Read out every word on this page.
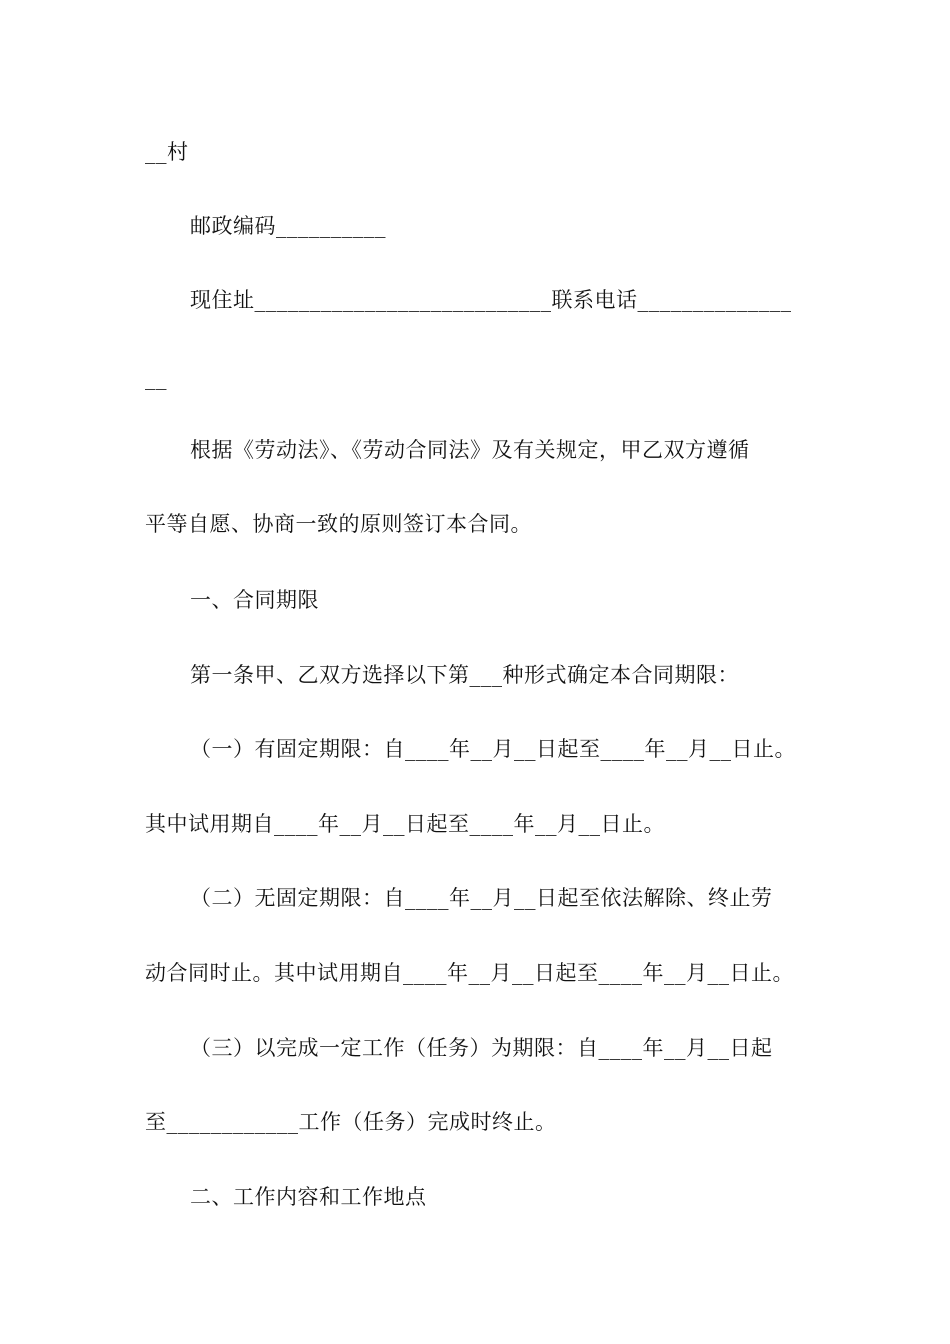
__村
邮政编码__________
现住址___________________________联系电话______________
__
根据《劳动法》、《劳动合同法》及有关规定，甲乙双方遵循
平等自愿、协商一致的原则签订本合同。
一、合同期限
第一条甲、乙双方选择以下第___种形式确定本合同期限：
（一）有固定期限：自____年__月__日起至____年__月__日止。
其中试用期自____年__月__日起至____年__月__日止。
（二）无固定期限：自____年__月__日起至依法解除、终止劳
动合同时止。其中试用期自____年__月__日起至____年__月__日止。
（三）以完成一定工作（任务）为期限：自____年__月__日起
至____________工作（任务）完成时终止。
二、工作内容和工作地点
